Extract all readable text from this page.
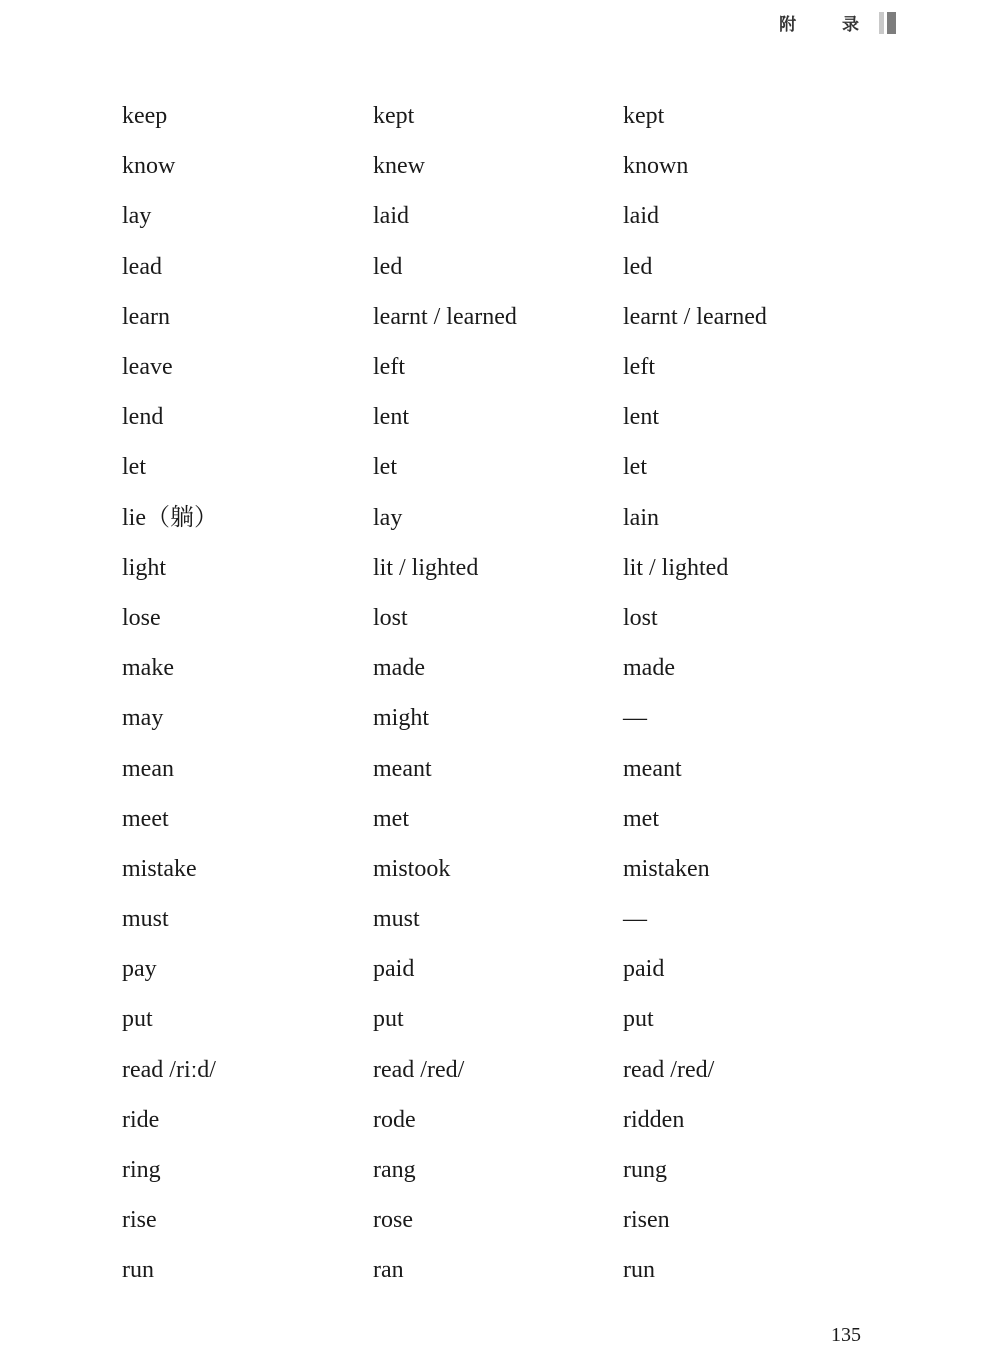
附 录
keep	kept	kept
know	knew	known
lay	laid	laid
lead	led	led
learn	learnt / learned	learnt / learned
leave	left	left
lend	lent	lent
let	let	let
lie（躺）	lay	lain
light	lit / lighted	lit / lighted
lose	lost	lost
make	made	made
may	might	—
mean	meant	meant
meet	met	met
mistake	mistook	mistaken
must	must	—
pay	paid	paid
put	put	put
read /riːd/	read /red/	read /red/
ride	rode	ridden
ring	rang	rung
rise	rose	risen
run	ran	run
135
